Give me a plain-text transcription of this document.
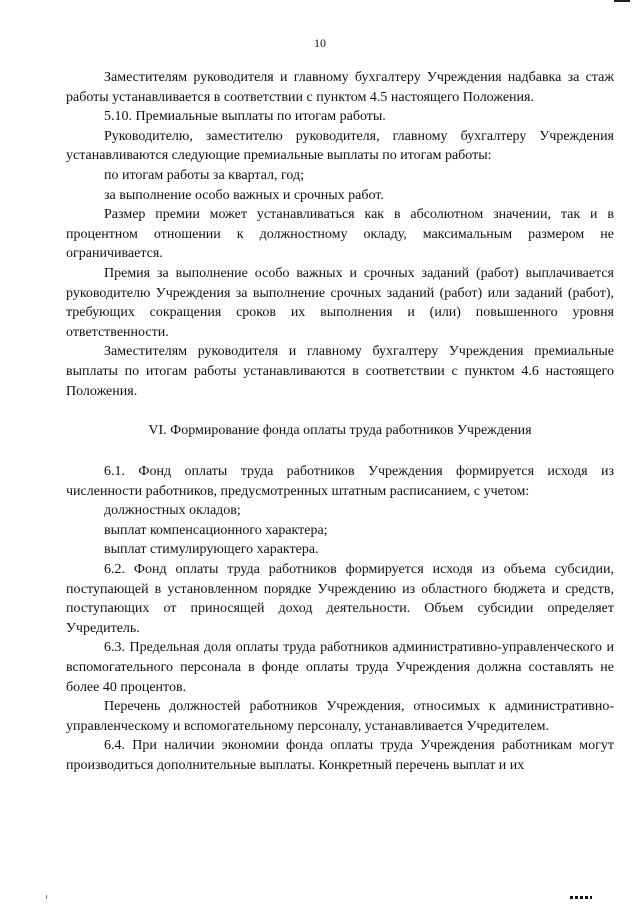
10

Заместителям руководителя и главному бухгалтеру Учреждения надбавка за стаж работы устанавливается в соответствии с пунктом 4.5 настоящего Положения.

5.10. Премиальные выплаты по итогам работы.

Руководителю, заместителю руководителя, главному бухгалтеру Учреждения устанавливаются следующие премиальные выплаты по итогам работы:

по итогам работы за квартал, год;

за выполнение особо важных и срочных работ.

Размер премии может устанавливаться как в абсолютном значении, так и в процентном отношении к должностному окладу, максимальным размером не ограничивается.

Премия за выполнение особо важных и срочных заданий (работ) выплачивается руководителю Учреждения за выполнение срочных заданий (работ) или заданий (работ), требующих сокращения сроков их выполнения и (или) повышенного уровня ответственности.

Заместителям руководителя и главному бухгалтеру Учреждения премиальные выплаты по итогам работы устанавливаются в соответствии с пунктом 4.6 настоящего Положения.

VI. Формирование фонда оплаты труда работников Учреждения

6.1. Фонд оплаты труда работников Учреждения формируется исходя из численности работников, предусмотренных штатным расписанием, с учетом:

должностных окладов;

выплат компенсационного характера;

выплат стимулирующего характера.

6.2. Фонд оплаты труда работников формируется исходя из объема субсидии, поступающей в установленном порядке Учреждению из областного бюджета и средств, поступающих от приносящей доход деятельности. Объем субсидии определяет Учредитель.

6.3. Предельная доля оплаты труда работников административно-управленческого и вспомогательного персонала в фонде оплаты труда Учреждения должна составлять не более 40 процентов.

Перечень должностей работников Учреждения, относимых к административно-управленческому и вспомогательному персоналу, устанавливается Учредителем.

6.4. При наличии экономии фонда оплаты труда Учреждения работникам могут производиться дополнительные выплаты. Конкретный перечень выплат и их
